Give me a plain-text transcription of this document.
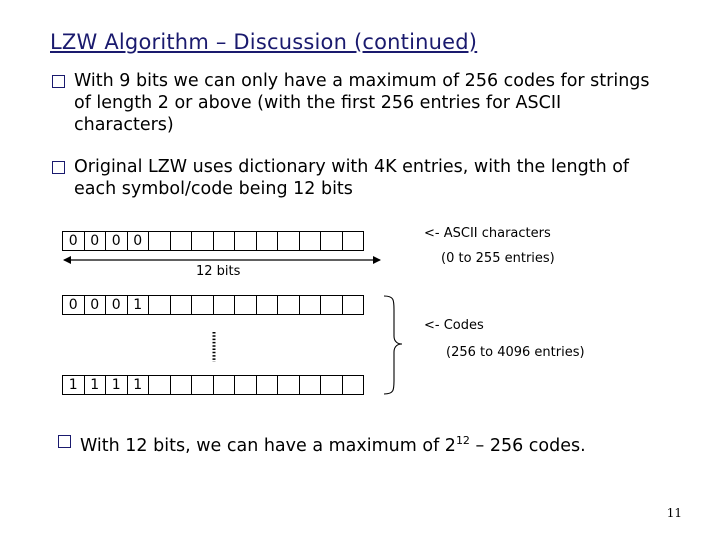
LZW Algorithm – Discussion (continued)
With 9 bits we can only have a maximum of 256 codes for strings of length 2 or above (with the first 256 entries for ASCII characters)
Original LZW uses dictionary with 4K entries, with the length of each symbol/code being 12 bits
0 0 0 0
0 0 0 1
1 1 1 1
12 bits
<- ASCII characters
(0 to 255 entries)
<- Codes
(256 to 4096 entries)
With 12 bits, we can have a maximum of $2^{12} - 256$ codes.
11
